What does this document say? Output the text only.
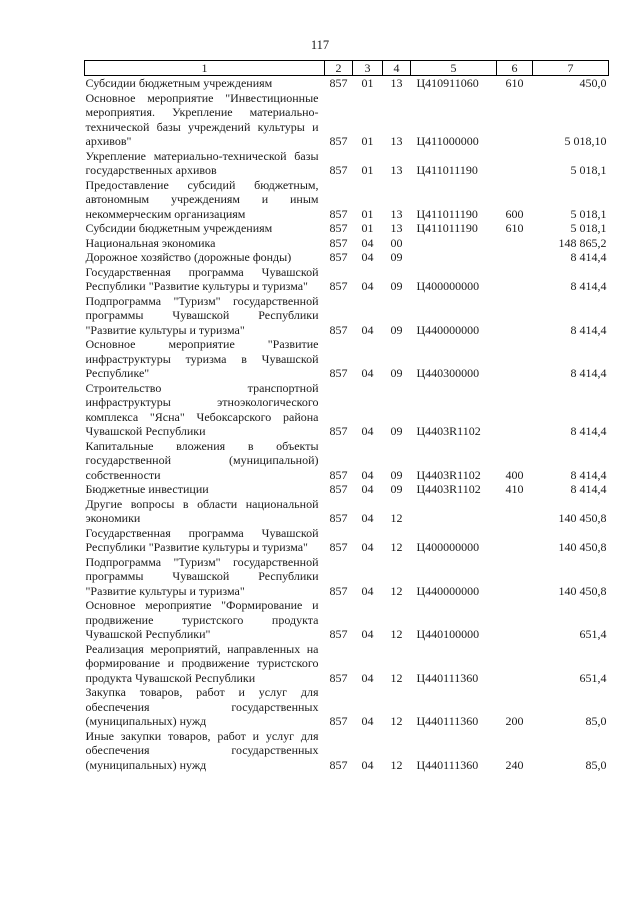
117
1	2	3	4	5	6	7
Субсидии бюджетным учреждениям	857	01	13	Ц410911060	610	450,0
Основное мероприятие "Инвестиционные мероприятия. Укрепление материально-технической базы учреждений культуры и архивов"	857	01	13	Ц411000000		5 018,10
Укрепление материально-технической базы государственных архивов	857	01	13	Ц411011190		5 018,1
Предоставление субсидий бюджетным, автономным учреждениям и иным некоммерческим организациям	857	01	13	Ц411011190	600	5 018,1
Субсидии бюджетным учреждениям	857	01	13	Ц411011190	610	5 018,1
Национальная экономика	857	04	00			148 865,2
Дорожное хозяйство (дорожные фонды)	857	04	09			8 414,4
Государственная программа Чувашской Республики "Развитие культуры и туризма"	857	04	09	Ц400000000		8 414,4
Подпрограмма "Туризм" государственной программы Чувашской Республики "Развитие культуры и туризма"	857	04	09	Ц440000000		8 414,4
Основное мероприятие "Развитие инфраструктуры туризма в Чувашской Республике"	857	04	09	Ц440300000		8 414,4
Строительство транспортной инфраструктуры этноэкологического комплекса "Ясна" Чебоксарского района Чувашской Республики	857	04	09	Ц4403R1102		8 414,4
Капитальные вложения в объекты государственной (муниципальной) собственности	857	04	09	Ц4403R1102	400	8 414,4
Бюджетные инвестиции	857	04	09	Ц4403R1102	410	8 414,4
Другие вопросы в области национальной экономики	857	04	12			140 450,8
Государственная программа Чувашской Республики "Развитие культуры и туризма"	857	04	12	Ц400000000		140 450,8
Подпрограмма "Туризм" государственной программы Чувашской Республики "Развитие культуры и туризма"	857	04	12	Ц440000000		140 450,8
Основное мероприятие "Формирование и продвижение туристского продукта Чувашской Республики"	857	04	12	Ц440100000		651,4
Реализация мероприятий, направленных на формирование и продвижение туристского продукта Чувашской Республики	857	04	12	Ц440111360		651,4
Закупка товаров, работ и услуг для обеспечения государственных (муниципальных) нужд	857	04	12	Ц440111360	200	85,0
Иные закупки товаров, работ и услуг для обеспечения государственных (муниципальных) нужд	857	04	12	Ц440111360	240	85,0
